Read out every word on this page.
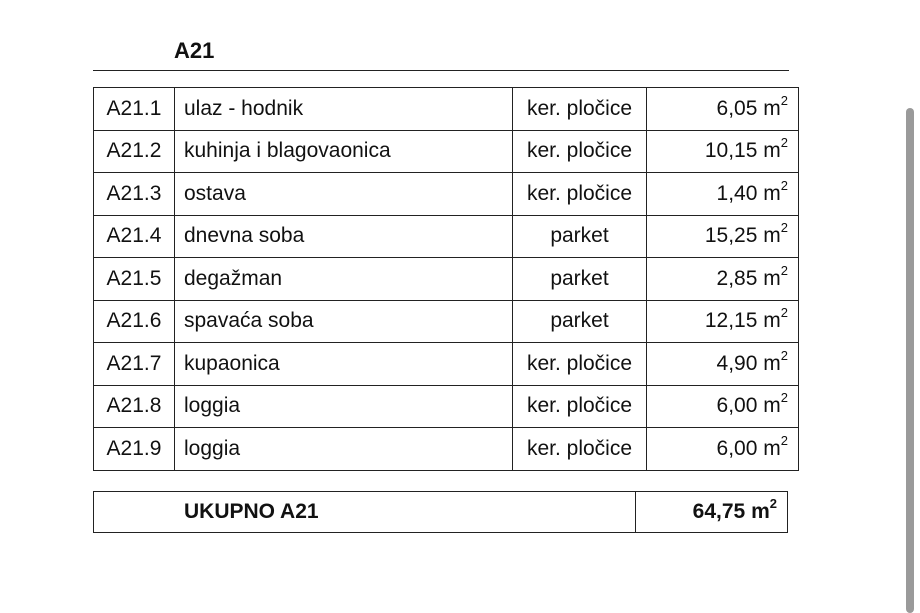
A21
A21.1	ulaz - hodnik	ker. pločice	6,05 $m^2$
A21.2	kuhinja i blagovaonica	ker. pločice	10,15 $m^2$
A21.3	ostava	ker. pločice	1,40 $m^2$
A21.4	dnevna soba	parket	15,25 $m^2$
A21.5	degažman	parket	2,85 $m^2$
A21.6	spavaća soba	parket	12,15 $m^2$
A21.7	kupaonica	ker. pločice	4,90 $m^2$
A21.8	loggia	ker. pločice	6,00 $m^2$
A21.9	loggia	ker. pločice	6,00 $m^2$
UKUPNO A21	64,75 $m^2$
